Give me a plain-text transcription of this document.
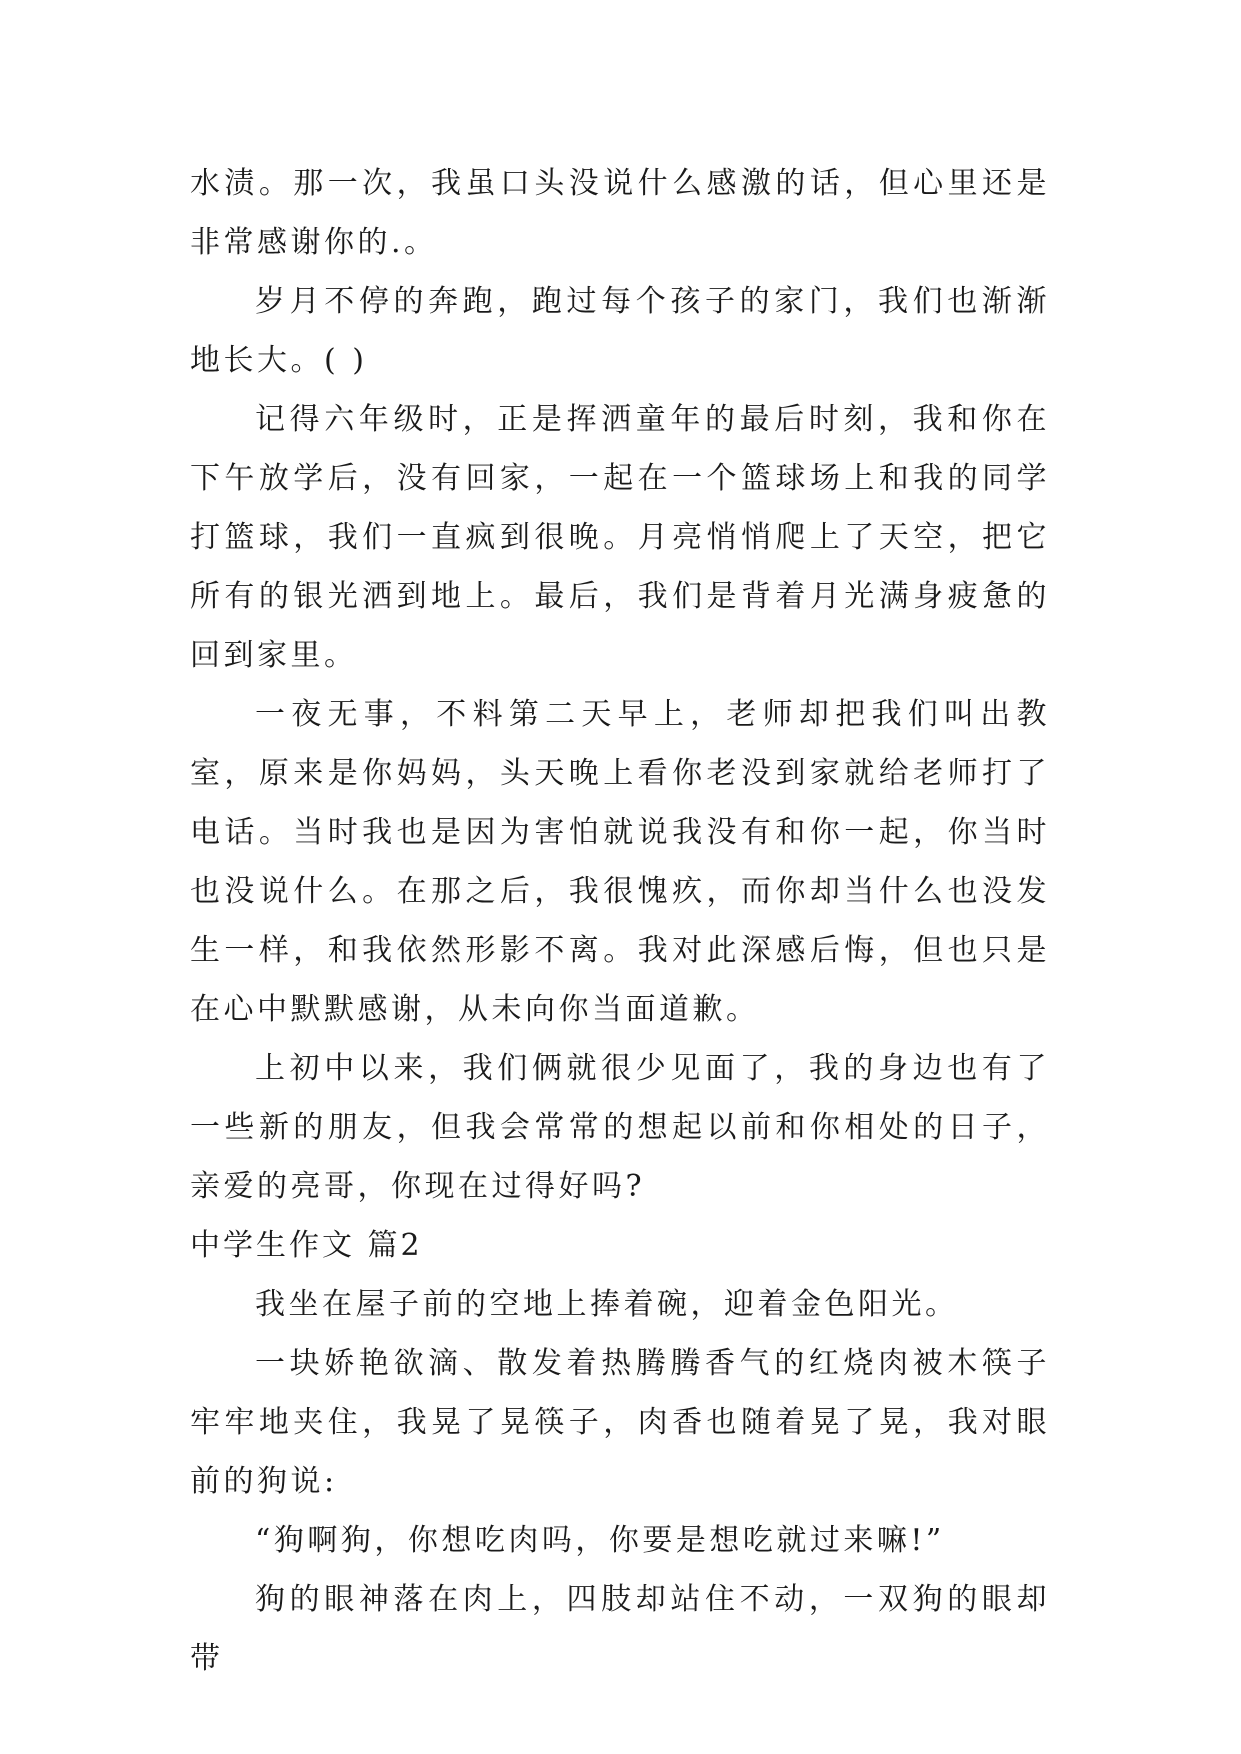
水渍。那一次，我虽口头没说什么感激的话，但心里还是非常感谢你的.。

岁月不停的奔跑，跑过每个孩子的家门，我们也渐渐地长大。( )

记得六年级时，正是挥洒童年的最后时刻，我和你在下午放学后，没有回家，一起在一个篮球场上和我的同学打篮球，我们一直疯到很晚。月亮悄悄爬上了天空，把它所有的银光洒到地上。最后，我们是背着月光满身疲惫的回到家里。

一夜无事，不料第二天早上，老师却把我们叫出教室，原来是你妈妈，头天晚上看你老没到家就给老师打了电话。当时我也是因为害怕就说我没有和你一起，你当时也没说什么。在那之后，我很愧疚，而你却当什么也没发生一样，和我依然形影不离。我对此深感后悔，但也只是在心中默默感谢，从未向你当面道歉。

上初中以来，我们俩就很少见面了，我的身边也有了一些新的朋友，但我会常常的想起以前和你相处的日子，亲爱的亮哥，你现在过得好吗?

中学生作文 篇2

我坐在屋子前的空地上捧着碗，迎着金色阳光。

一块娇艳欲滴、散发着热腾腾香气的红烧肉被木筷子牢牢地夹住，我晃了晃筷子，肉香也随着晃了晃，我对眼前的狗说:

“狗啊狗，你想吃肉吗，你要是想吃就过来嘛!”

狗的眼神落在肉上，四肢却站住不动，一双狗的眼却带
